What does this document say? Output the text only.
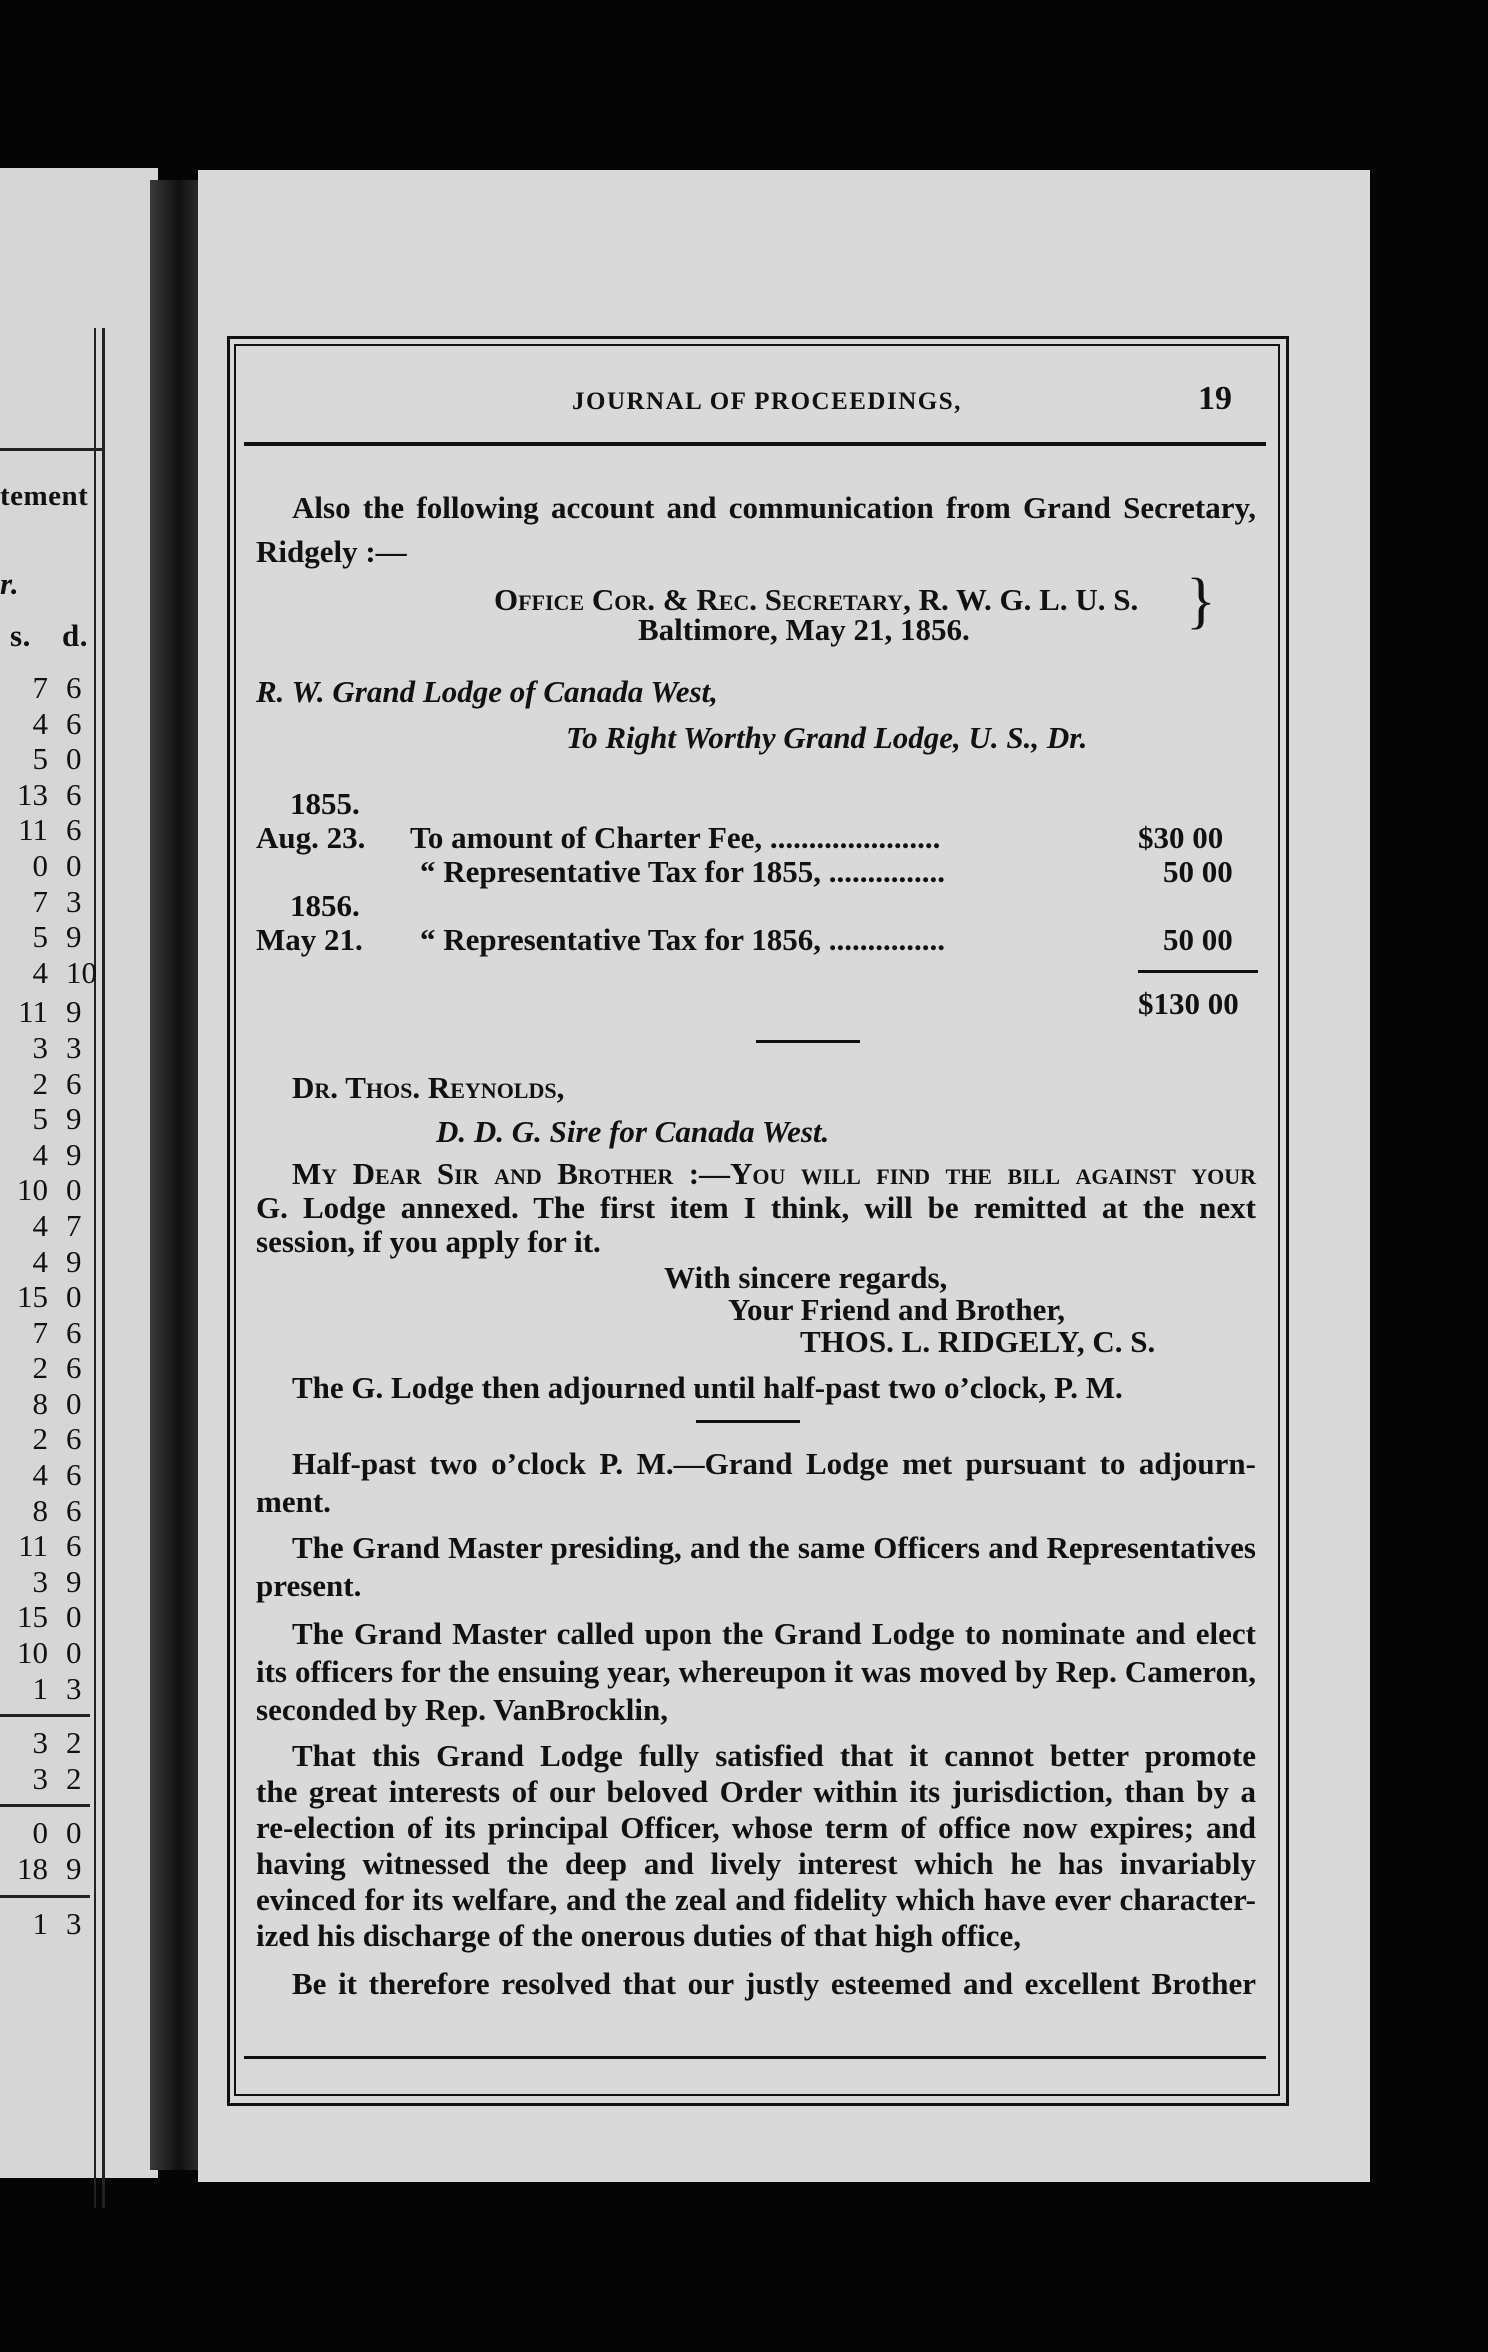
tement
r.
s. d.
7 6
4 6
5 0
13 6
11 6
0 0
7 3
5 9
4 10
11 9
3 3
2 6
5 9
4 9
10 0
4 7
4 9
15 0
7 6
2 6
8 0
2 6
4 6
8 6
11 6
3 9
15 0
10 0
1 3
3 2
3 2
0 0
18 9
1 3
JOURNAL OF PROCEEDINGS,	19
Also the following account and communication from Grand Secretary,
Ridgely :—
Office Cor. & Rec. Secretary, R. W. G. L. U. S. }
Baltimore, May 21, 1856.
R. W. Grand Lodge of Canada West,
To Right Worthy Grand Lodge, U. S., Dr.
1855.
Aug. 23. To amount of Charter Fee, ......................	$30 00
“ Representative Tax for 1855, ...............	50 00
1856.
May 21. “ Representative Tax for 1856, ...............	50 00
$130 00
Dr. Thos. Reynolds,
D. D. G. Sire for Canada West.
My Dear Sir and Brother :—You will find the bill against your
G. Lodge annexed. The first item I think, will be remitted at the next
session, if you apply for it.
With sincere regards,
Your Friend and Brother,
THOS. L. RIDGELY, C. S.
The G. Lodge then adjourned until half-past two o’clock, P. M.
Half-past two o’clock P. M.—Grand Lodge met pursuant to adjourn-
ment.
The Grand Master presiding, and the same Officers and Representatives
present.
The Grand Master called upon the Grand Lodge to nominate and elect
its officers for the ensuing year, whereupon it was moved by Rep. Cameron,
seconded by Rep. VanBrocklin,
That this Grand Lodge fully satisfied that it cannot better promote
the great interests of our beloved Order within its jurisdiction, than by a
re-election of its principal Officer, whose term of office now expires; and
having witnessed the deep and lively interest which he has invariably
evinced for its welfare, and the zeal and fidelity which have ever character-
ized his discharge of the onerous duties of that high office,
Be it therefore resolved that our justly esteemed and excellent Brother
